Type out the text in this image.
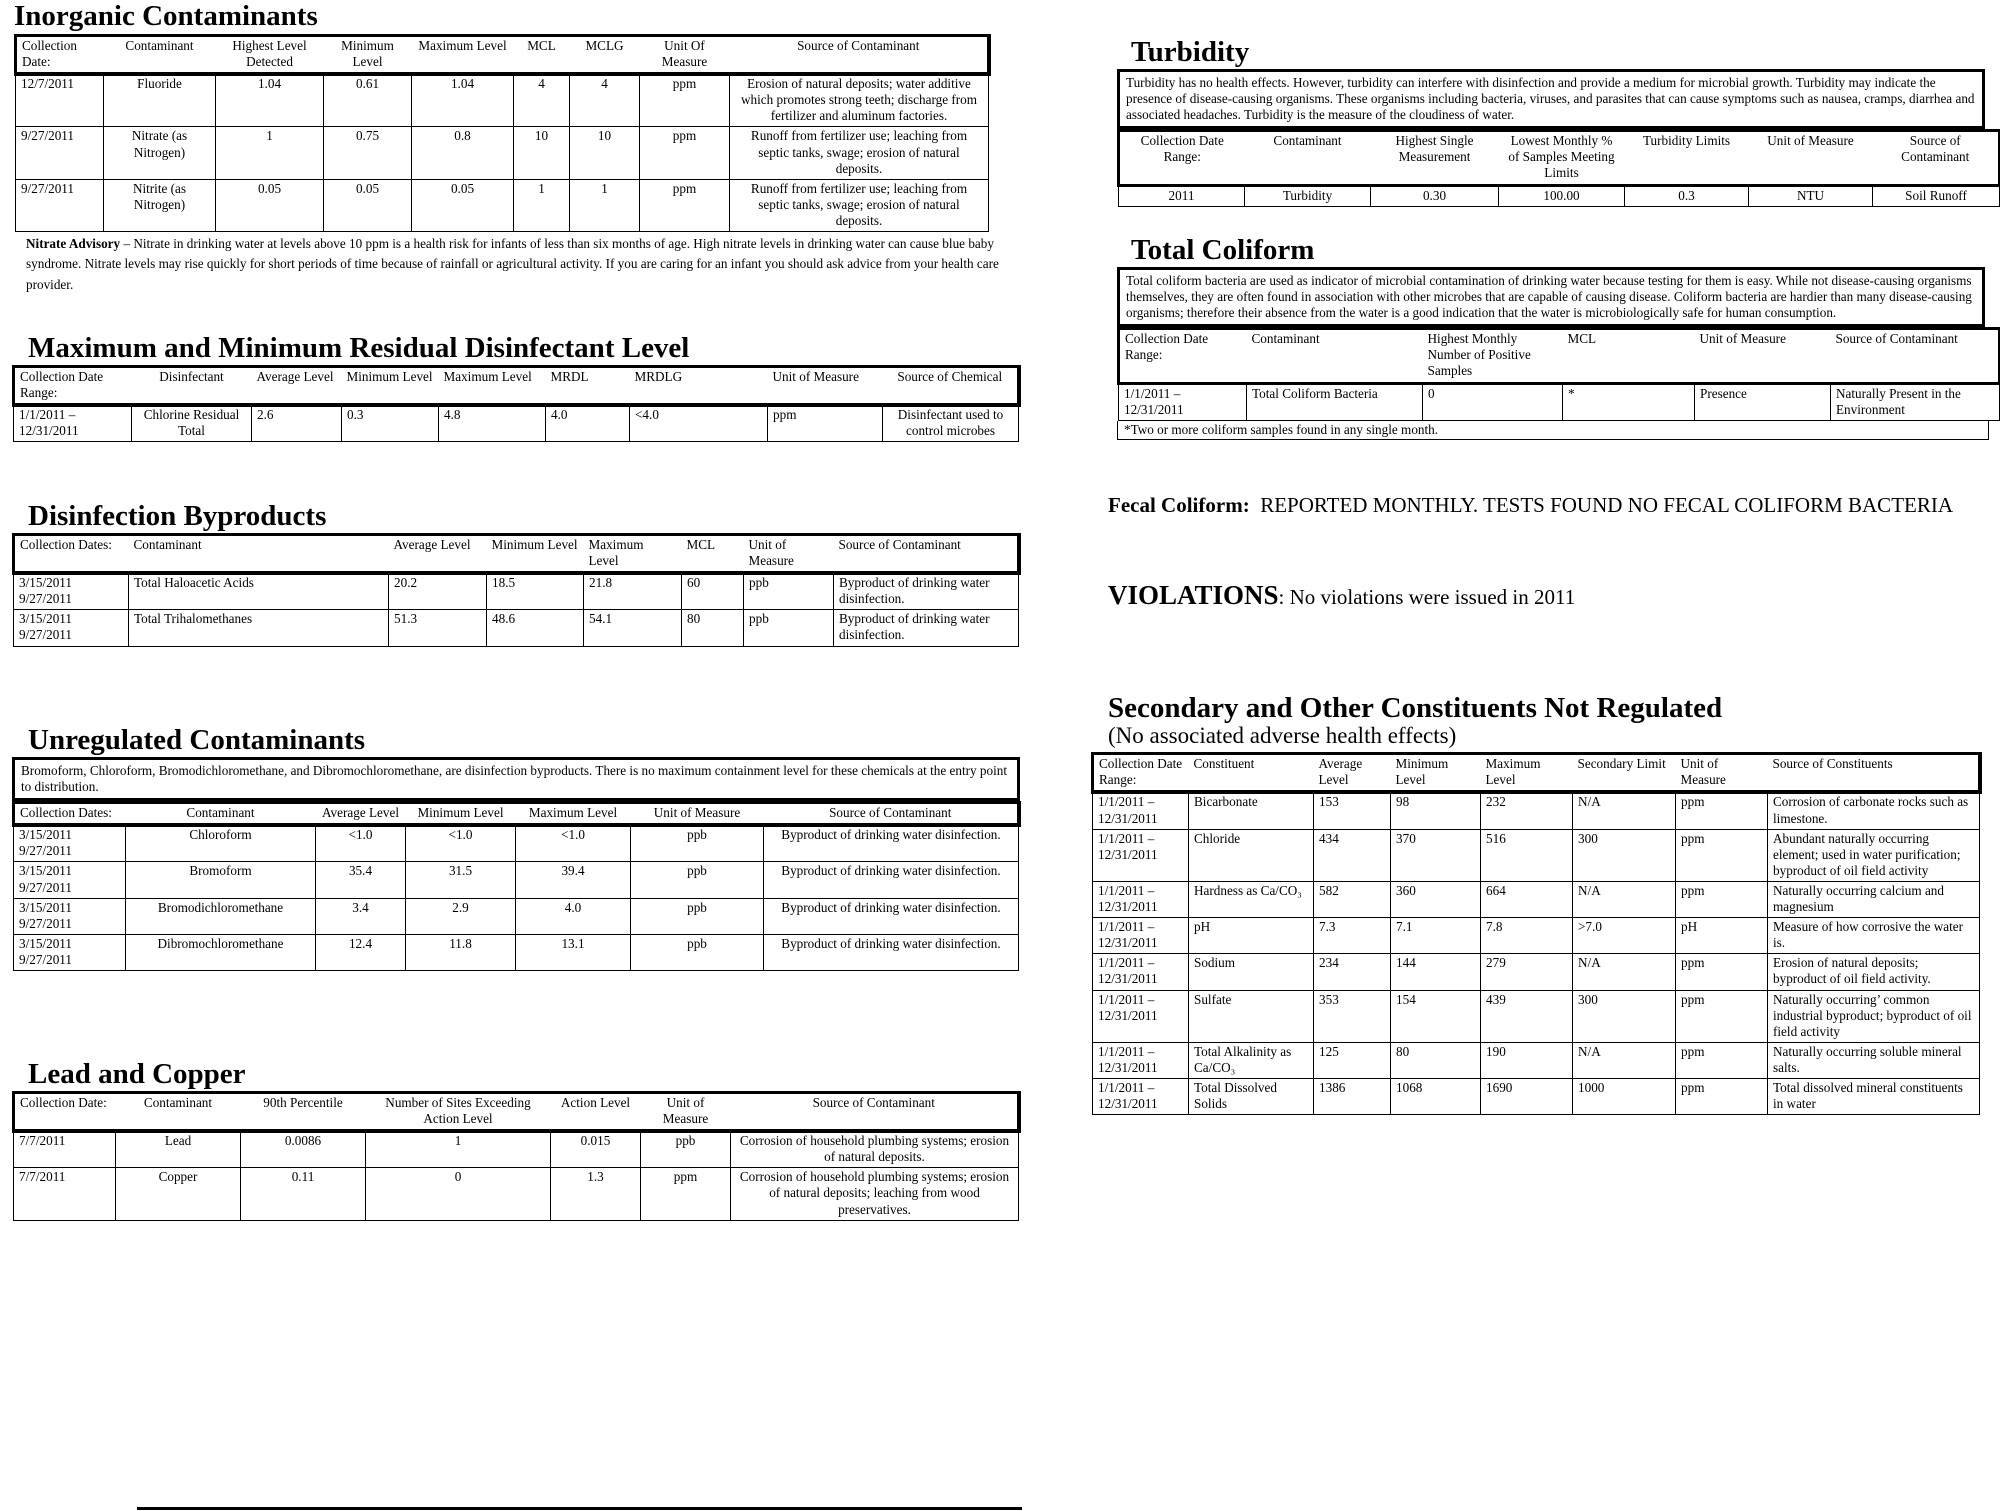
Inorganic Contaminants
Collection Date:	Contaminant	Highest Level Detected	Minimum Level	Maximum Level	MCL	MCLG	Unit Of Measure	Source of Contaminant
12/7/2011	Fluoride	1.04	0.61	1.04	4	4	ppm	Erosion of natural deposits; water additive which promotes strong teeth; discharge from fertilizer and aluminum factories.
9/27/2011	Nitrate (as Nitrogen)	1	0.75	0.8	10	10	ppm	Runoff from fertilizer use; leaching from septic tanks, swage; erosion of natural deposits.
9/27/2011	Nitrite (as Nitrogen)	0.05	0.05	0.05	1	1	ppm	Runoff from fertilizer use; leaching from septic tanks, swage; erosion of natural deposits.
Nitrate Advisory – Nitrate in drinking water at levels above 10 ppm is a health risk for infants of less than six months of age. High nitrate levels in drinking water can cause blue baby syndrome. Nitrate levels may rise quickly for short periods of time because of rainfall or agricultural activity. If you are caring for an infant you should ask advice from your health care provider.
Maximum and Minimum Residual Disinfectant Level
Collection Date Range:	Disinfectant	Average Level	Minimum Level	Maximum Level	MRDL	MRDLG	Unit of Measure	Source of Chemical
1/1/2011 – 12/31/2011	Chlorine Residual Total	2.6	0.3	4.8	4.0	<4.0	ppm	Disinfectant used to control microbes
Disinfection Byproducts
Collection Dates:	Contaminant	Average Level	Minimum Level	Maximum Level	MCL	Unit of Measure	Source of Contaminant
3/15/2011 9/27/2011	Total Haloacetic Acids	20.2	18.5	21.8	60	ppb	Byproduct of drinking water disinfection.
3/15/2011 9/27/2011	Total Trihalomethanes	51.3	48.6	54.1	80	ppb	Byproduct of drinking water disinfection.
Unregulated Contaminants
Bromoform, Chloroform, Bromodichloromethane, and Dibromochloromethane, are disinfection byproducts. There is no maximum containment level for these chemicals at the entry point to distribution.
Collection Dates:	Contaminant	Average Level	Minimum Level	Maximum Level	Unit of Measure	Source of Contaminant
3/15/2011 9/27/2011	Chloroform	<1.0	<1.0	<1.0	ppb	Byproduct of drinking water disinfection.
3/15/2011 9/27/2011	Bromoform	35.4	31.5	39.4	ppb	Byproduct of drinking water disinfection.
3/15/2011 9/27/2011	Bromodichloromethane	3.4	2.9	4.0	ppb	Byproduct of drinking water disinfection.
3/15/2011 9/27/2011	Dibromochloromethane	12.4	11.8	13.1	ppb	Byproduct of drinking water disinfection.
Lead and Copper
Collection Date:	Contaminant	90th Percentile	Number of Sites Exceeding Action Level	Action Level	Unit of Measure	Source of Contaminant
7/7/2011	Lead	0.0086	1	0.015	ppb	Corrosion of household plumbing systems; erosion of natural deposits.
7/7/2011	Copper	0.11	0	1.3	ppm	Corrosion of household plumbing systems; erosion of natural deposits; leaching from wood preservatives.
Turbidity
Turbidity has no health effects. However, turbidity can interfere with disinfection and provide a medium for microbial growth. Turbidity may indicate the presence of disease-causing organisms. These organisms including bacteria, viruses, and parasites that can cause symptoms such as nausea, cramps, diarrhea and associated headaches. Turbidity is the measure of the cloudiness of water.
Collection Date Range:	Contaminant	Highest Single Measurement	Lowest Monthly % of Samples Meeting Limits	Turbidity Limits	Unit of Measure	Source of Contaminant
2011	Turbidity	0.30	100.00	0.3	NTU	Soil Runoff
Total Coliform
Total coliform bacteria are used as indicator of microbial contamination of drinking water because testing for them is easy. While not disease-causing organisms themselves, they are often found in association with other microbes that are capable of causing disease. Coliform bacteria are hardier than many disease-causing organisms; therefore their absence from the water is a good indication that the water is microbiologically safe for human consumption.
Collection Date Range:	Contaminant	Highest Monthly Number of Positive Samples	MCL	Unit of Measure	Source of Contaminant
1/1/2011 – 12/31/2011	Total Coliform Bacteria	0	*	Presence	Naturally Present in the Environment
*Two or more coliform samples found in any single month.
Fecal Coliform: REPORTED MONTHLY. TESTS FOUND NO FECAL COLIFORM BACTERIA
VIOLATIONS: No violations were issued in 2011
Secondary and Other Constituents Not Regulated
(No associated adverse health effects)
Collection Date Range:	Constituent	Average Level	Minimum Level	Maximum Level	Secondary Limit	Unit of Measure	Source of Constituents
1/1/2011 – 12/31/2011	Bicarbonate	153	98	232	N/A	ppm	Corrosion of carbonate rocks such as limestone.
1/1/2011 – 12/31/2011	Chloride	434	370	516	300	ppm	Abundant naturally occurring element; used in water purification; byproduct of oil field activity
1/1/2011 – 12/31/2011	Hardness as Ca/CO₃	582	360	664	N/A	ppm	Naturally occurring calcium and magnesium
1/1/2011 – 12/31/2011	pH	7.3	7.1	7.8	>7.0	pH	Measure of how corrosive the water is.
1/1/2011 – 12/31/2011	Sodium	234	144	279	N/A	ppm	Erosion of natural deposits; byproduct of oil field activity.
1/1/2011 – 12/31/2011	Sulfate	353	154	439	300	ppm	Naturally occurring’ common industrial byproduct; byproduct of oil field activity
1/1/2011 – 12/31/2011	Total Alkalinity as Ca/CO₃	125	80	190	N/A	ppm	Naturally occurring soluble mineral salts.
1/1/2011 – 12/31/2011	Total Dissolved Solids	1386	1068	1690	1000	ppm	Total dissolved mineral constituents in water
